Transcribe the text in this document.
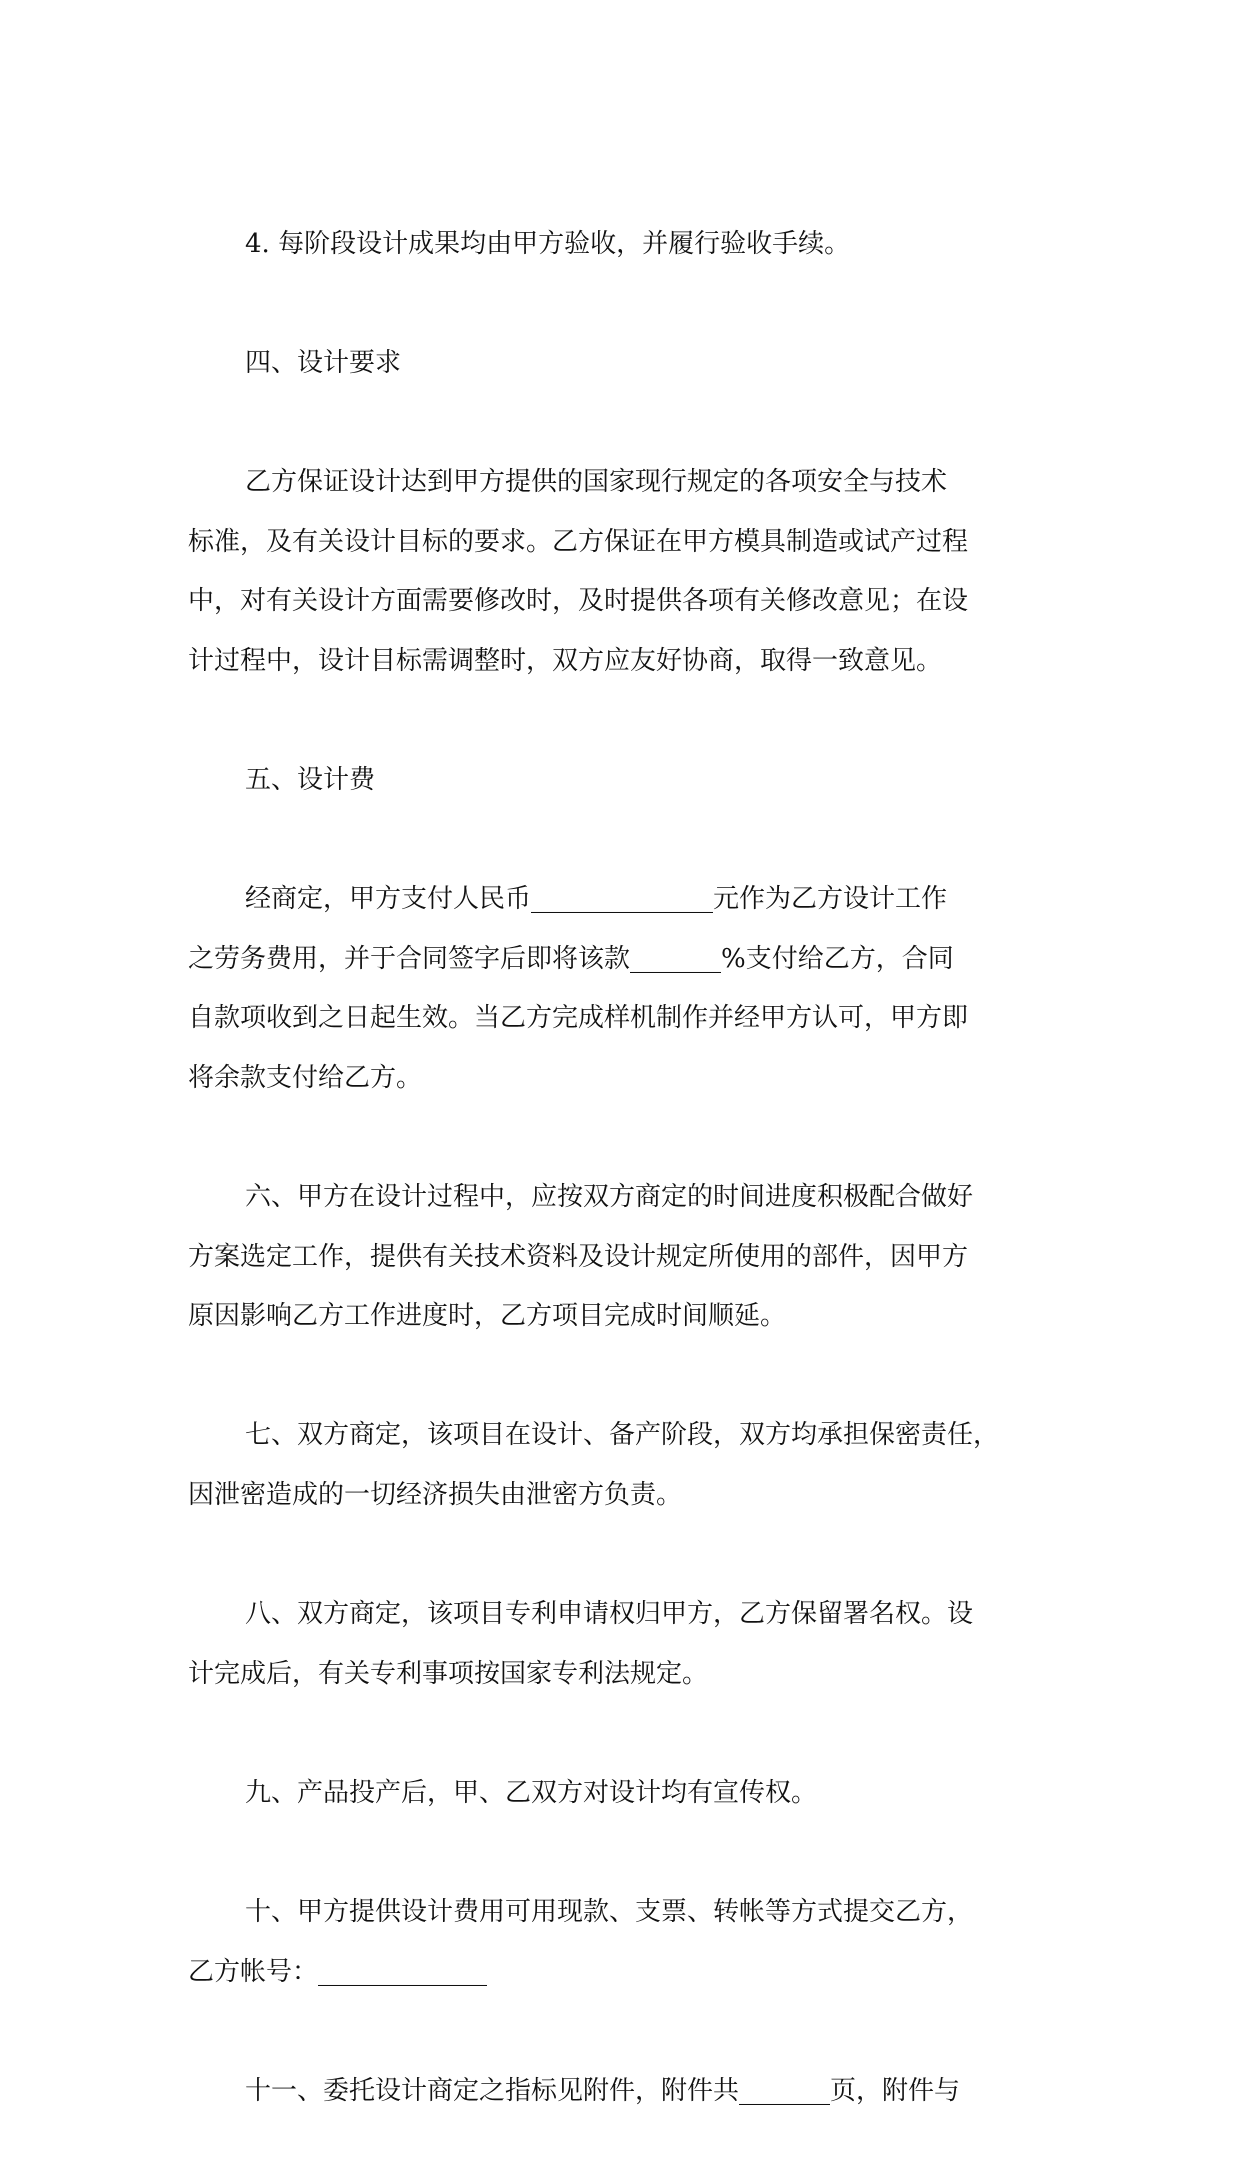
4. 每阶段设计成果均由甲方验收，并履行验收手续。

四、设计要求

乙方保证设计达到甲方提供的国家现行规定的各项安全与技术
标准，及有关设计目标的要求。乙方保证在甲方模具制造或试产过程
中，对有关设计方面需要修改时，及时提供各项有关修改意见；在设
计过程中，设计目标需调整时，双方应友好协商，取得一致意见。

五、设计费

经商定，甲方支付人民币______________元作为乙方设计工作
之劳务费用，并于合同签字后即将该款_______%支付给乙方，合同
自款项收到之日起生效。当乙方完成样机制作并经甲方认可，甲方即
将余款支付给乙方。

六、甲方在设计过程中，应按双方商定的时间进度积极配合做好
方案选定工作，提供有关技术资料及设计规定所使用的部件，因甲方
原因影响乙方工作进度时，乙方项目完成时间顺延。

七、双方商定，该项目在设计、备产阶段，双方均承担保密责任，
因泄密造成的一切经济损失由泄密方负责。

八、双方商定，该项目专利申请权归甲方，乙方保留署名权。设
计完成后，有关专利事项按国家专利法规定。

九、产品投产后，甲、乙双方对设计均有宣传权。

十、甲方提供设计费用可用现款、支票、转帐等方式提交乙方，
乙方帐号：_____________

十一、委托设计商定之指标见附件，附件共_______页，附件与
